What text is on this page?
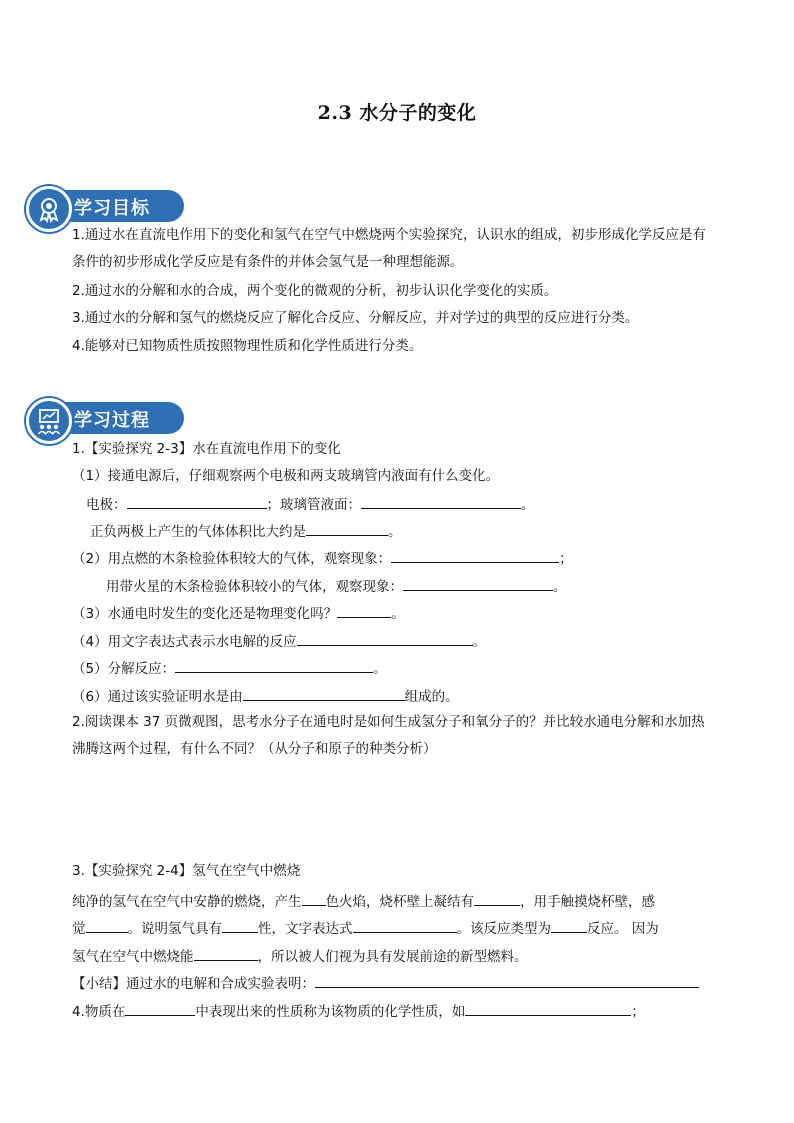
2.3 水分子的变化
学习目标
1.通过水在直流电作用下的变化和氢气在空气中燃烧两个实验探究，认识水的组成，初步形成化学反应是有
条件的初步形成化学反应是有条件的并体会氢气是一种理想能源。
2.通过水的分解和水的合成，两个变化的微观的分析，初步认识化学变化的实质。
3.通过水的分解和氢气的燃烧反应了解化合反应、分解反应，并对学过的典型的反应进行分类。
4.能够对已知物质性质按照物理性质和化学性质进行分类。
学习过程
1.【实验探究 2-3】水在直流电作用下的变化
（1）接通电源后，仔细观察两个电极和两支玻璃管内液面有什么变化。
电极：	；玻璃管液面：	。
正负两极上产生的气体体积比大约是	。
（2）用点燃的木条检验体积较大的气体，观察现象：	；
用带火星的木条检验体积较小的气体，观察现象：	。
（3）水通电时发生的变化还是物理变化吗？	。
（4）用文字表达式表示水电解的反应	。
（5）分解反应：	。
（6）通过该实验证明水是由	组成的。
2.阅读课本 37 页微观图，思考水分子在通电时是如何生成氢分子和氧分子的？并比较水通电分解和水加热
沸腾这两个过程，有什么不同？（从分子和原子的种类分析）
3.【实验探究 2-4】氢气在空气中燃烧
纯净的氢气在空气中安静的燃烧，产生 色火焰，烧杯壁上凝结有	，用手触摸烧杯壁，感
觉	。说明氢气具有	性，文字表达式	。该反应类型为	反应。 因为
氢气在空气中燃烧能	，所以被人们视为具有发展前途的新型燃料。
【小结】通过水的电解和合成实验表明：
4.物质在	中表现出来的性质称为该物质的化学性质，如	；
